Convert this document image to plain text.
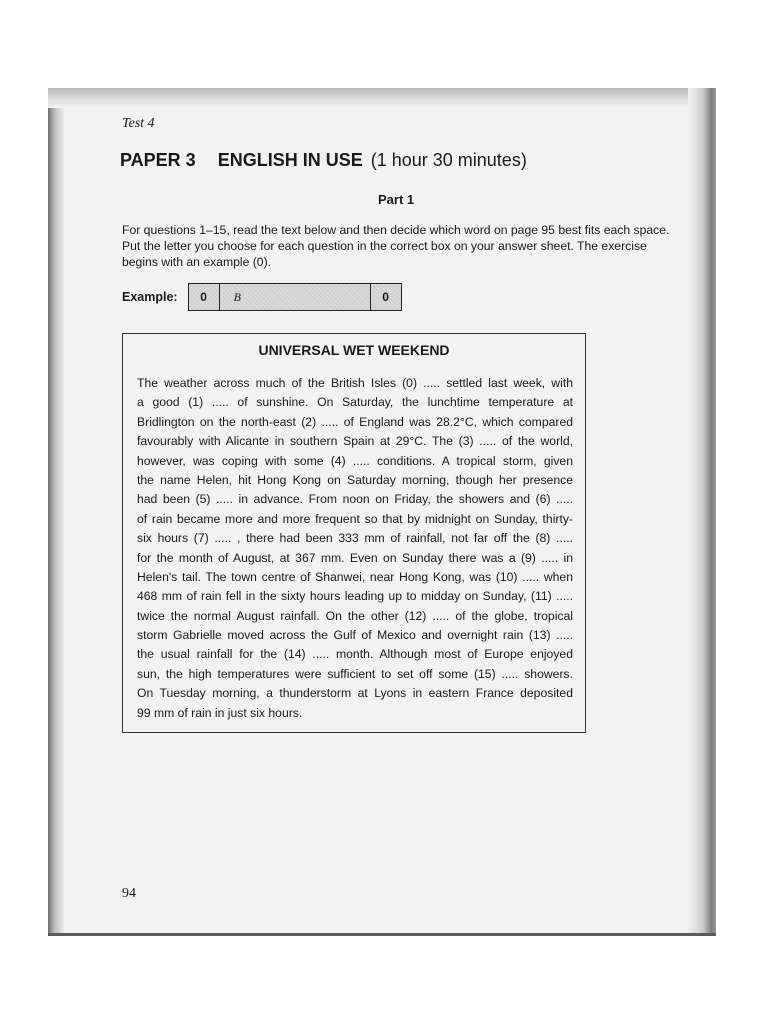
Test 4
PAPER 3 ENGLISH IN USE (1 hour 30 minutes)
Part 1
For questions 1–15, read the text below and then decide which word on page 95 best fits each space. Put the letter you choose for each question in the correct box on your answer sheet. The exercise begins with an example (0).
Example:	0	B	0
UNIVERSAL WET WEEKEND
The weather across much of the British Isles (0) ..... settled last week, with
a good (1) ..... of sunshine. On Saturday, the lunchtime temperature at
Bridlington on the north-east (2) ..... of England was 28.2°C, which compared
favourably with Alicante in southern Spain at 29°C. The (3) ..... of the world,
however, was coping with some (4) ..... conditions. A tropical storm, given
the name Helen, hit Hong Kong on Saturday morning, though her presence
had been (5) ..... in advance. From noon on Friday, the showers and (6) .....
of rain became more and more frequent so that by midnight on Sunday, thirty-
six hours (7) ..... , there had been 333 mm of rainfall, not far off the (8) .....
for the month of August, at 367 mm. Even on Sunday there was a (9) ..... in
Helen's tail. The town centre of Shanwei, near Hong Kong, was (10) ..... when
468 mm of rain fell in the sixty hours leading up to midday on Sunday, (11) .....
twice the normal August rainfall. On the other (12) ..... of the globe, tropical
storm Gabrielle moved across the Gulf of Mexico and overnight rain (13) .....
the usual rainfall for the (14) ..... month. Although most of Europe enjoyed
sun, the high temperatures were sufficient to set off some (15) ..... showers.
On Tuesday morning, a thunderstorm at Lyons in eastern France deposited
99 mm of rain in just six hours.
94
